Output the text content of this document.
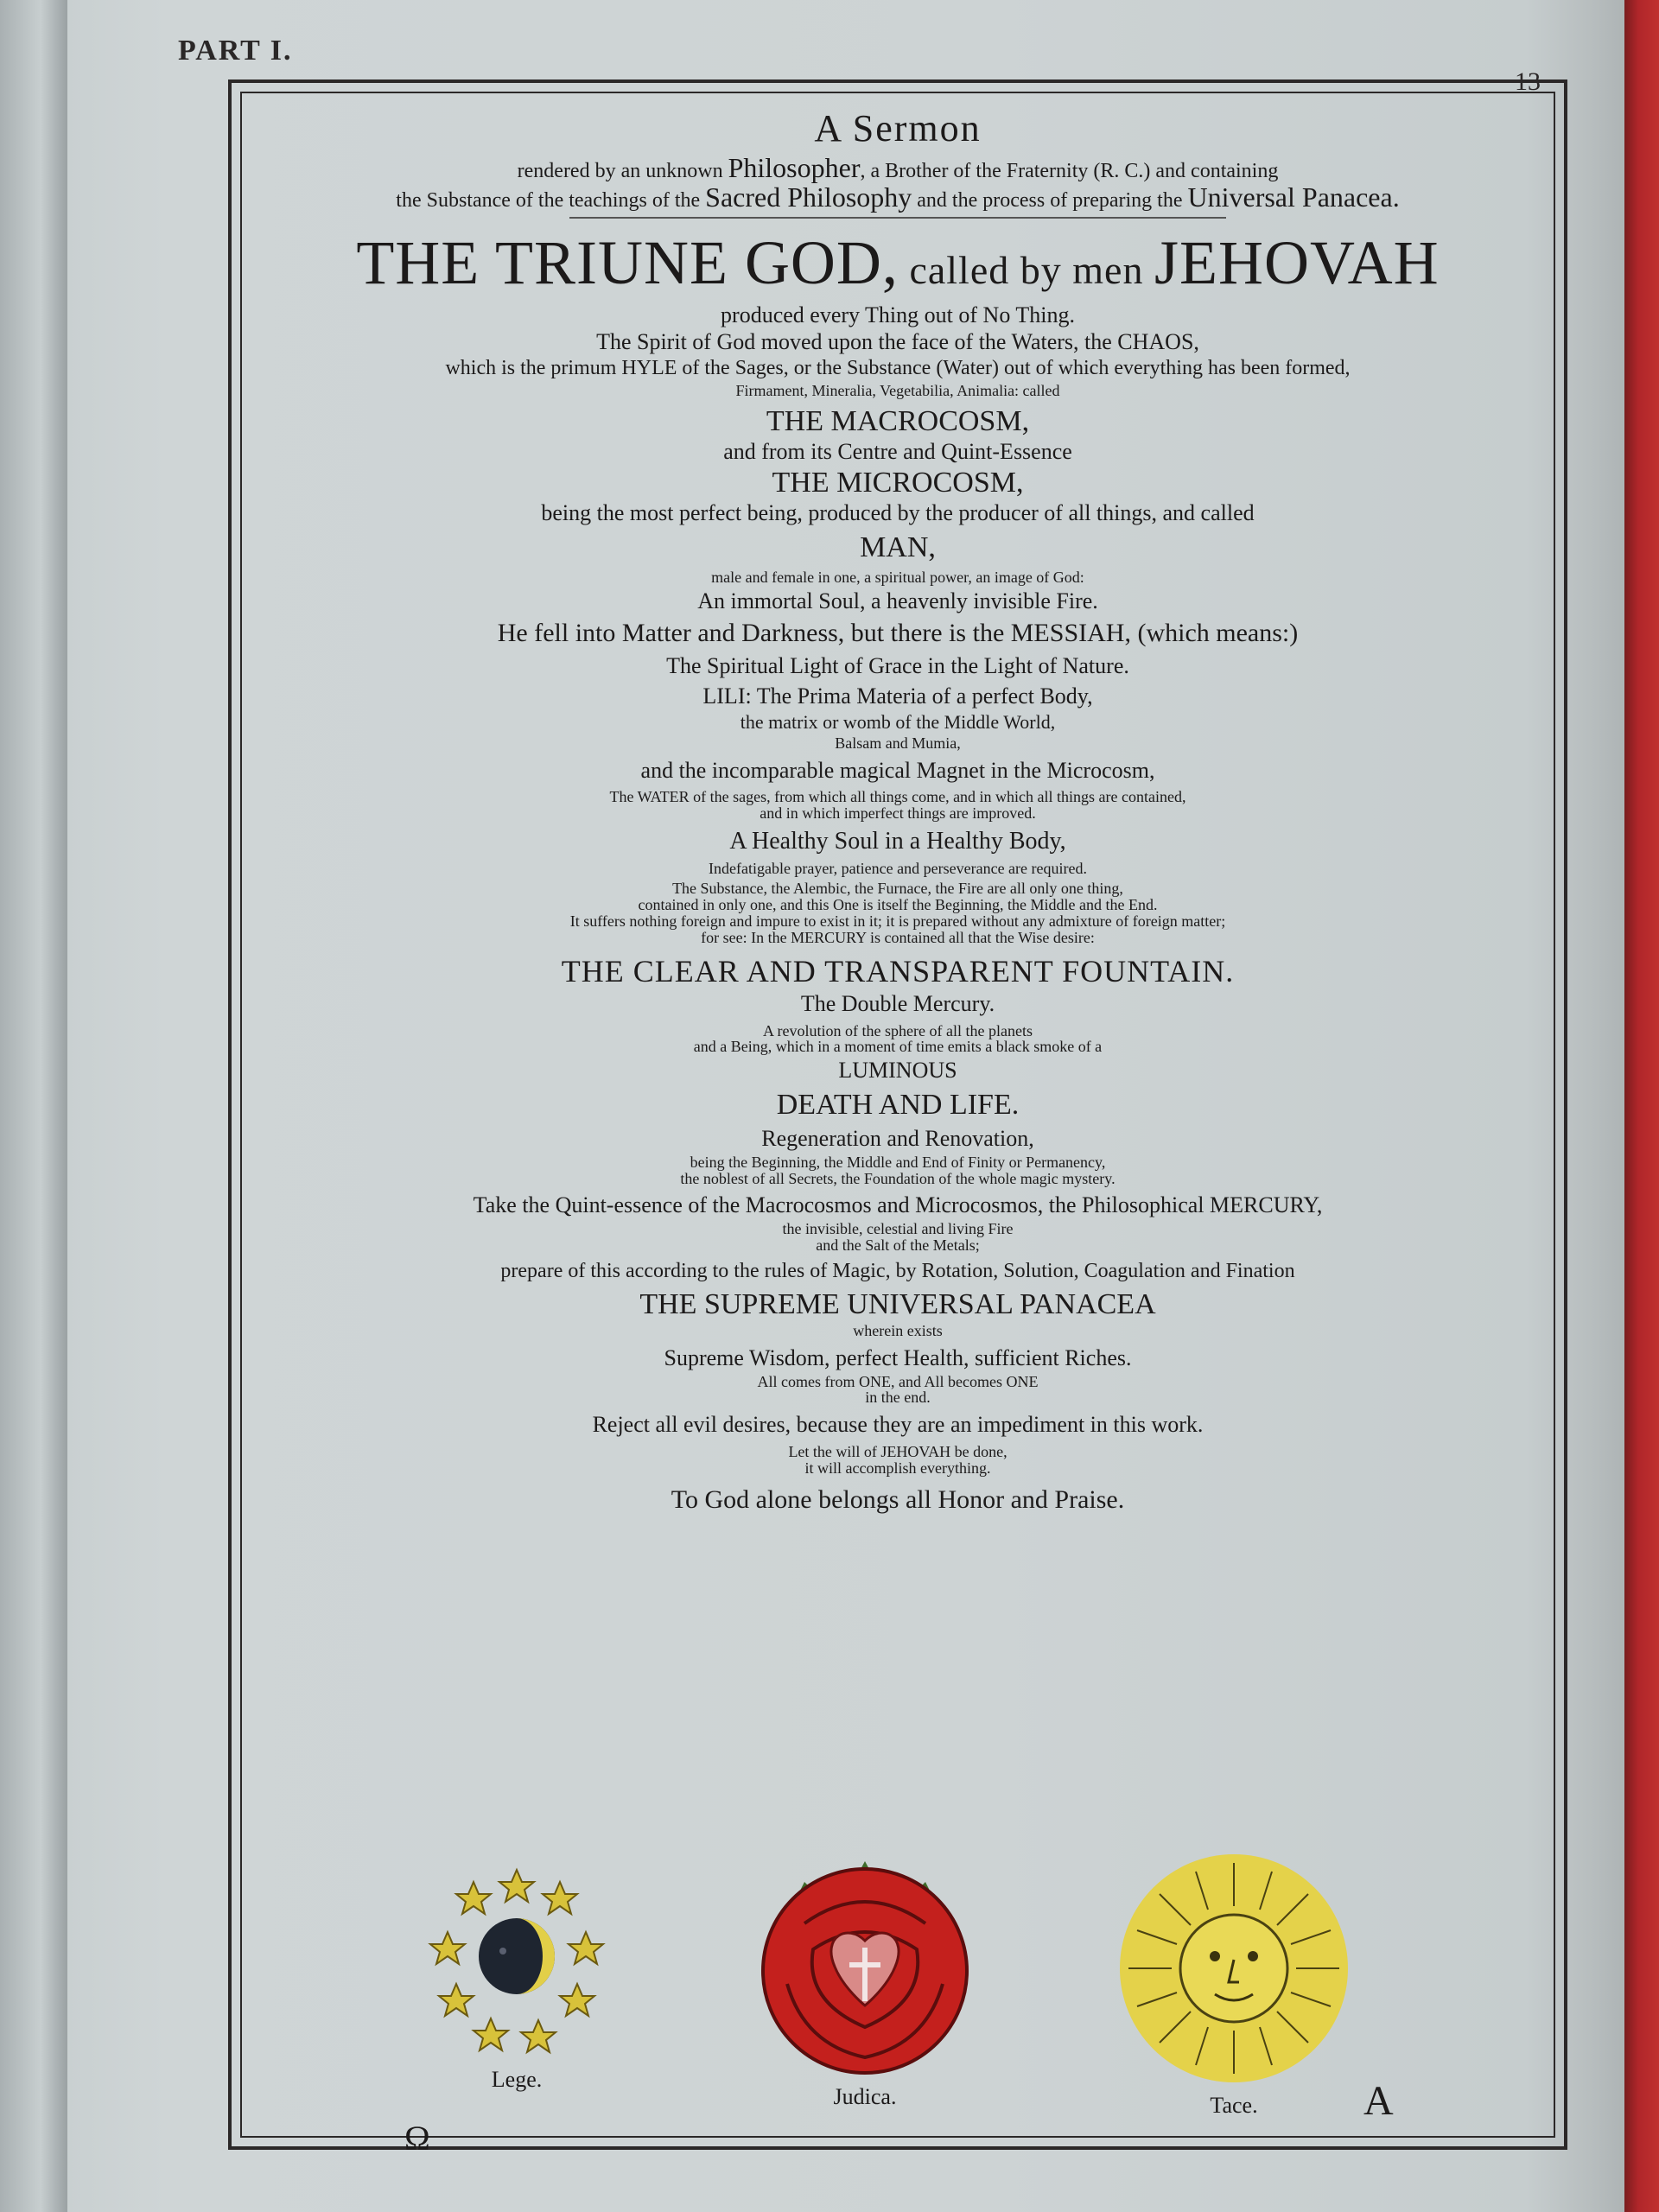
PART I.
13
A Sermon
rendered by an unknown Philosopher, a Brother of the Fraternity (R. C.) and containing
the Substance of the teachings of the Sacred Philosophy and the process of preparing the Universal Panacea.
THE TRIUNE GOD, called by men JEHOVAH
produced every Thing out of No Thing.
The Spirit of God moved upon the face of the Waters, the CHAOS,
which is the primum HYLE of the Sages, or the Substance (Water) out of which everything has been formed,
Firmament, Mineralia, Vegetabilia, Animalia: called
THE MACROCOSM,
and from its Centre and Quint-Essence
THE MICROCOSM,
being the most perfect being, produced by the producer of all things, and called
MAN,
male and female in one, a spiritual power, an image of God:
An immortal Soul, a heavenly invisible Fire.
He fell into Matter and Darkness, but there is the MESSIAH, (which means:)
The Spiritual Light of Grace in the Light of Nature.
LILI: The Prima Materia of a perfect Body,
the matrix or womb of the Middle World,
Balsam and Mumia,
and the incomparable magical Magnet in the Microcosm,
The WATER of the sages, from which all things come, and in which all things are contained,
and in which imperfect things are improved.
A Healthy Soul in a Healthy Body,
Indefatigable prayer, patience and perseverance are required.
The Substance, the Alembic, the Furnace, the Fire are all only one thing,
contained in only one, and this One is itself the Beginning, the Middle and the End.
It suffers nothing foreign and impure to exist in it; it is prepared without any admixture of foreign matter;
for see: In the MERCURY is contained all that the Wise desire:
THE CLEAR AND TRANSPARENT FOUNTAIN.
The Double Mercury.
A revolution of the sphere of all the planets
and a Being, which in a moment of time emits a black smoke of a
LUMINOUS
DEATH AND LIFE.
Regeneration and Renovation,
being the Beginning, the Middle and End of Finity or Permanency,
the noblest of all Secrets, the Foundation of the whole magic mystery.
Take the Quint-essence of the Macrocosmos and Microcosmos, the Philosophical MERCURY,
the invisible, celestial and living Fire
and the Salt of the Metals;
prepare of this according to the rules of Magic, by Rotation, Solution, Coagulation and Fination
THE SUPREME UNIVERSAL PANACEA
wherein exists
Supreme Wisdom, perfect Health, sufficient Riches.
All comes from ONE, and All becomes ONE
in the end.
Reject all evil desires, because they are an impediment in this work.
Let the will of JEHOVAH be done,
it will accomplish everything.
To God alone belongs all Honor and Praise.
Lege.
Ω
Judica.	Tace.	A
